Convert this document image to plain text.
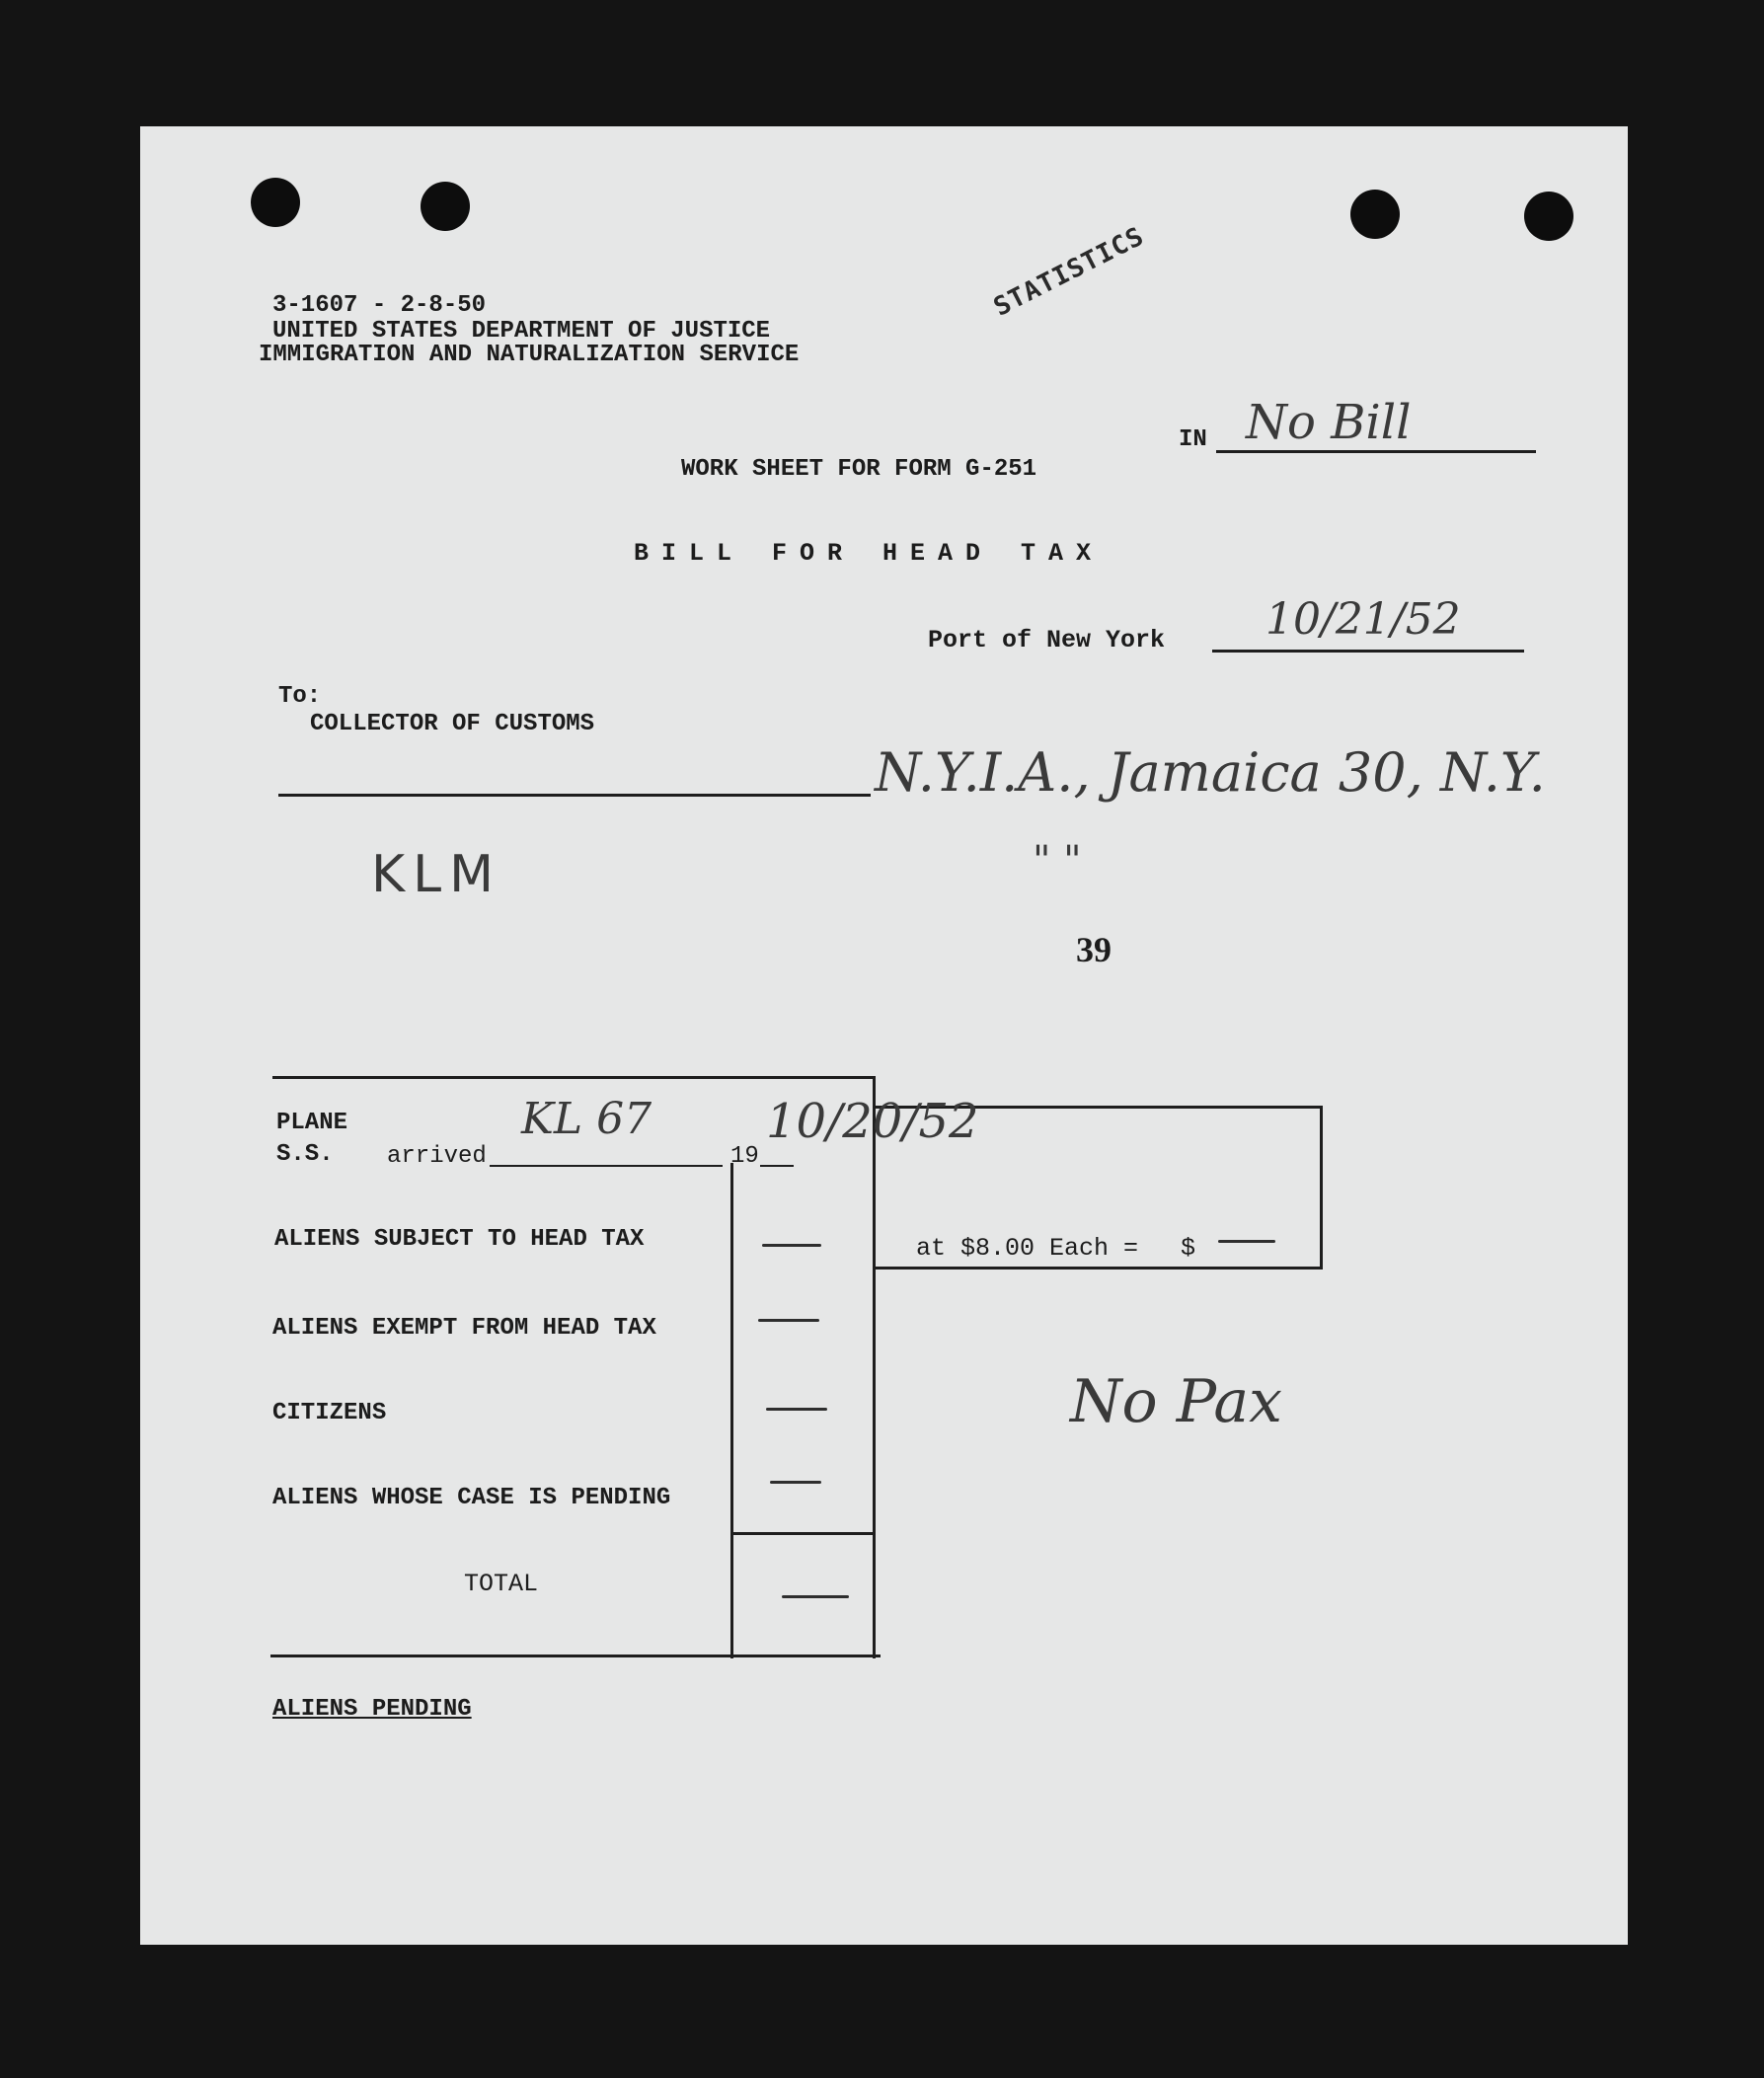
3-1607 - 2-8-50
UNITED STATES DEPARTMENT OF JUSTICE
IMMIGRATION AND NATURALIZATION SERVICE
STATISTICS
IN No Bill
WORK SHEET FOR FORM G-251
BILL FOR HEAD TAX
Port of New York 10/21/52
To:
COLLECTOR OF CUSTOMS
N.Y.I.A., Jamaica 30, N.Y.
" "
KLM
39
PLANE
S.S.
KL 67
arrived	19
10/20/52
ALIENS SUBJECT TO HEAD TAX	at $8.00 Each = $
ALIENS EXEMPT FROM HEAD TAX
CITIZENS
ALIENS WHOSE CASE IS PENDING
TOTAL
No Pax
ALIENS PENDING
